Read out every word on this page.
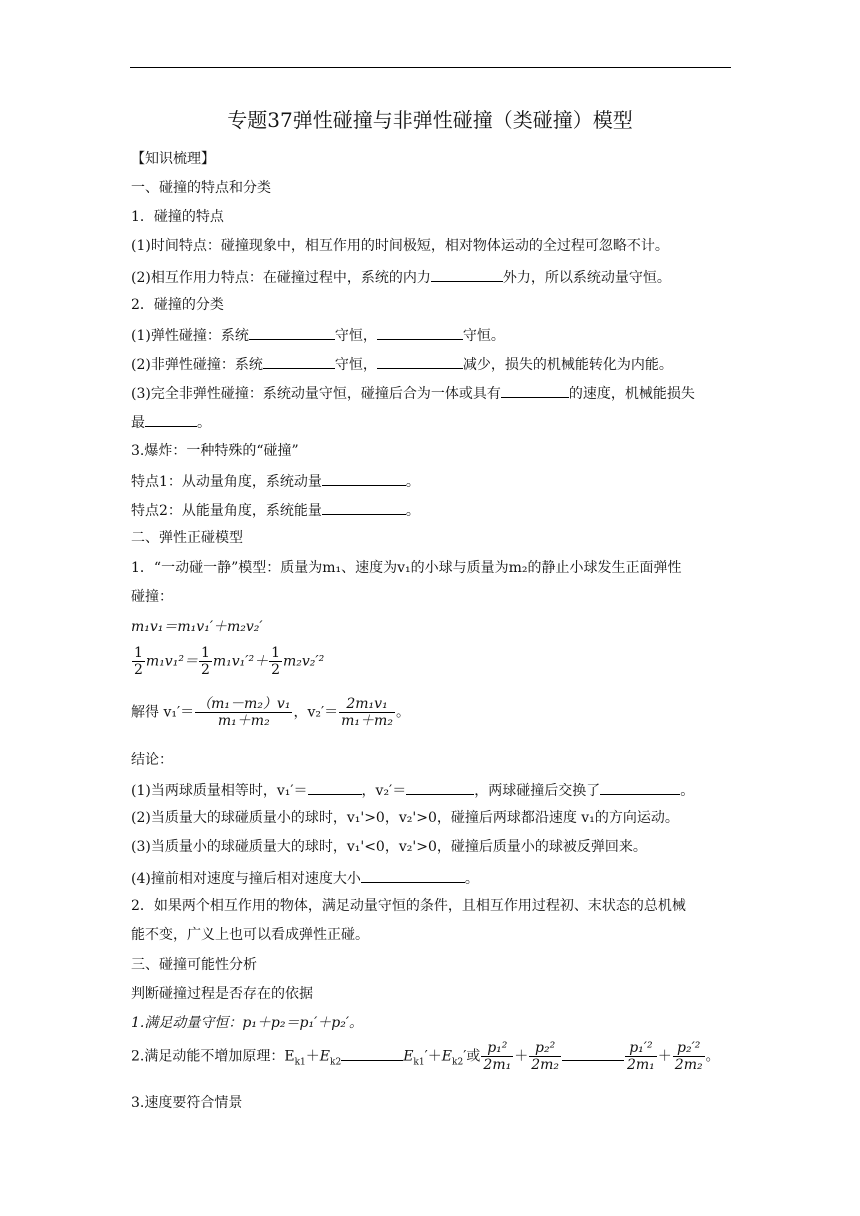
专题37弹性碰撞与非弹性碰撞（类碰撞）模型
【知识梳理】
一、碰撞的特点和分类
1．碰撞的特点
(1)时间特点：碰撞现象中，相互作用的时间极短，相对物体运动的全过程可忽略不计。
(2)相互作用力特点：在碰撞过程中，系统的内力	外力，所以系统动量守恒。
2．碰撞的分类
(1)弹性碰撞：系统	守恒，	守恒。
(2)非弹性碰撞：系统	守恒，	减少，损失的机械能转化为内能。
(3)完全非弹性碰撞：系统动量守恒，碰撞后合为一体或具有	的速度，机械能损失
最	。
3.爆炸：一种特殊的“碰撞”
特点1：从动量角度，系统动量	。
特点2：从能量角度，系统能量	。
二、弹性正碰模型
1．“一动碰一静”模型：质量为m₁、速度为v₁的小球与质量为m₂的静止小球发生正面弹性
碰撞：
m₁v₁＝m₁v₁′＋m₂v₂′
$\frac{1}{2} m_1v_1^2= \frac{1}{2} m_1v_1'^2+ \frac{1}{2} m_2v_2'^2$
解得 $v_1'= \frac{\text{（m₁－m₂）v₁}}{\text{m₁＋m₂}}$ ，$v_2'= \frac{\text{2m₁v₁}}{\text{m₁＋m₂}}$ 。
结论：
(1)当两球质量相等时，v₁′＝	，v₂′＝	，两球碰撞后交换了	。
(2)当质量大的球碰质量小的球时，v₁'>0，v₂'>0，碰撞后两球都沿速度 v₁的方向运动。
(3)当质量小的球碰质量大的球时，v₁'<0，v₂'>0，碰撞后质量小的球被反弹回来。
(4)撞前相对速度与撞后相对速度大小	。
2．如果两个相互作用的物体，满足动量守恒的条件，且相互作用过程初、末状态的总机械
能不变，广义上也可以看成弹性正碰。
三、碰撞可能性分析
判断碰撞过程是否存在的依据
1.满足动量守恒：p₁＋p₂＝p₁′＋p₂′。
2.满足动能不增加原理：$E_{k1}+E_{k2}$	$E_{k1}'+E_{k2}'$或 $\frac{\text{p₁²}}{\text{2m₁}} + \frac{\text{p₂²}}{\text{2m₂}}$	$\frac{\text{p₁′²}}{\text{2m₁}} + \frac{\text{p₂′²}}{\text{2m₂}}$ 。
3.速度要符合情景
